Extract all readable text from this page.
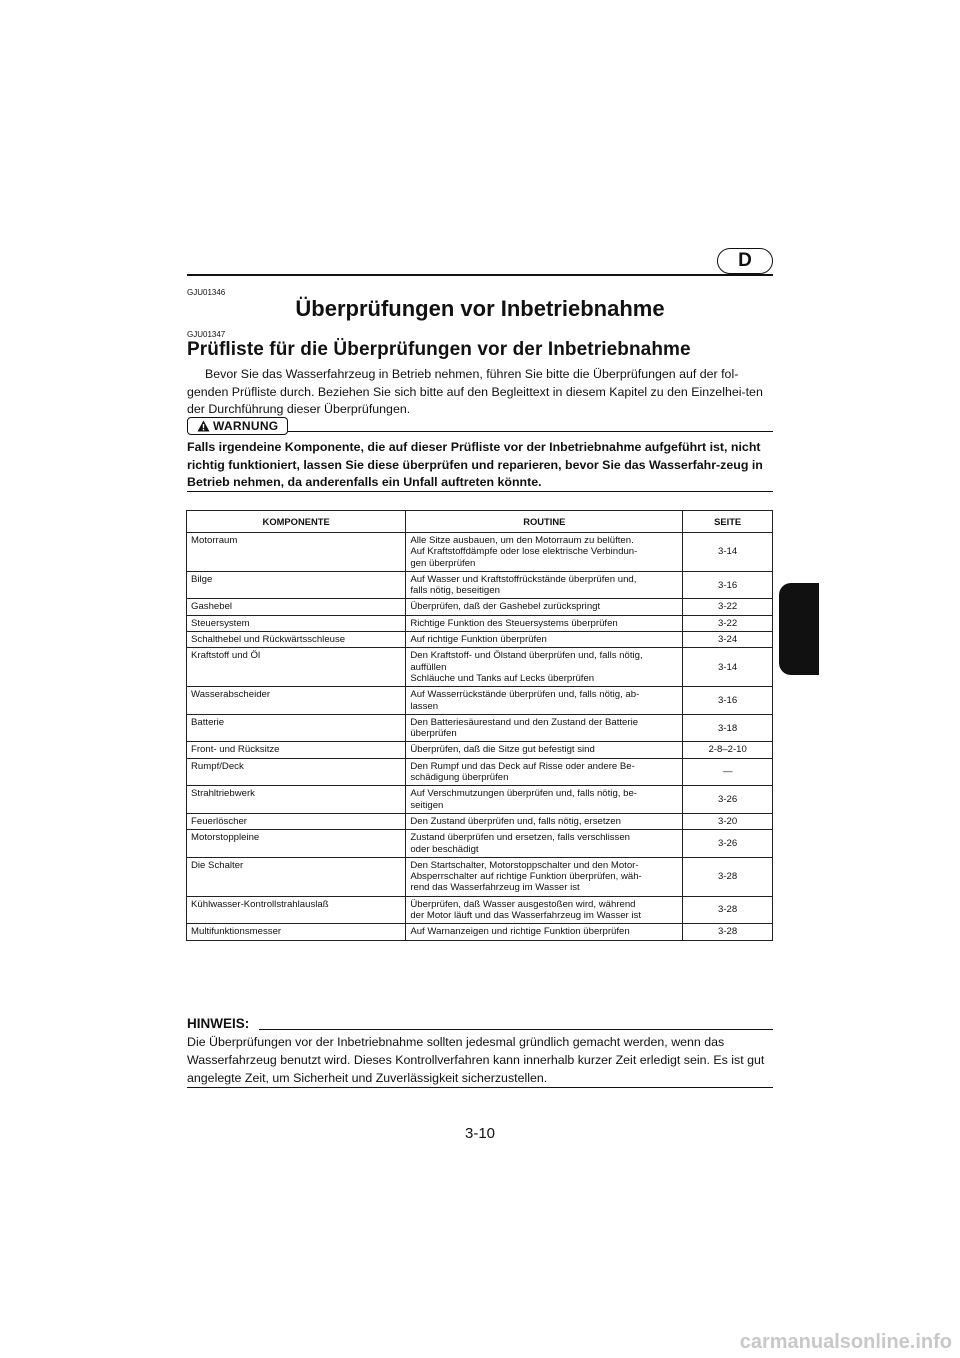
D
GJU01346
Überprüfungen vor Inbetriebnahme
GJU01347
Prüfliste für die Überprüfungen vor der Inbetriebnahme
Bevor Sie das Wasserfahrzeug in Betrieb nehmen, führen Sie bitte die Überprüfungen auf der fol-genden Prüfliste durch. Beziehen Sie sich bitte auf den Begleittext in diesem Kapitel zu den Einzelhei-ten der Durchführung dieser Überprüfungen.
WARNUNG
Falls irgendeine Komponente, die auf dieser Prüfliste vor der Inbetriebnahme aufgeführt ist, nicht richtig funktioniert, lassen Sie diese überprüfen und reparieren, bevor Sie das Wasserfahr-zeug in Betrieb nehmen, da anderenfalls ein Unfall auftreten könnte.
KOMPONENTE	ROUTINE	SEITE
Motorraum	Alle Sitze ausbauen, um den Motorraum zu belüften.
Auf Kraftstoffdämpfe oder lose elektrische Verbindun-
gen überprüfen	3-14
Bilge	Auf Wasser und Kraftstoffrückstände überprüfen und,
falls nötig, beseitigen	3-16
Gashebel	Überprüfen, daß der Gashebel zurückspringt	3-22
Steuersystem	Richtige Funktion des Steuersystems überprüfen	3-22
Schalthebel und Rückwärtsschleuse	Auf richtige Funktion überprüfen	3-24
Kraftstoff und Öl	Den Kraftstoff- und Ölstand überprüfen und, falls nötig,
auffüllen
Schläuche und Tanks auf Lecks überprüfen	3-14
Wasserabscheider	Auf Wasserrückstände überprüfen und, falls nötig, ab-
lassen	3-16
Batterie	Den Batteriesäurestand und den Zustand der Batterie
überprüfen	3-18
Front- und Rücksitze	Überprüfen, daß die Sitze gut befestigt sind	2-8–2-10
Rumpf/Deck	Den Rumpf und das Deck auf Risse oder andere Be-
schädigung überprüfen	—
Strahltriebwerk	Auf Verschmutzungen überprüfen und, falls nötig, be-
seitigen	3-26
Feuerlöscher	Den Zustand überprüfen und, falls nötig, ersetzen	3-20
Motorstoppleine	Zustand überprüfen und ersetzen, falls verschlissen
oder beschädigt	3-26
Die Schalter	Den Startschalter, Motorstoppschalter und den Motor-
Absperrschalter auf richtige Funktion überprüfen, wäh-
rend das Wasserfahrzeug im Wasser ist	3-28
Kühlwasser-Kontrollstrahlauslaß	Überprüfen, daß Wasser ausgestoßen wird, während
der Motor läuft und das Wasserfahrzeug im Wasser ist	3-28
Multifunktionsmesser	Auf Warnanzeigen und richtige Funktion überprüfen	3-28
HINWEIS:
Die Überprüfungen vor der Inbetriebnahme sollten jedesmal gründlich gemacht werden, wenn das Wasserfahrzeug benutzt wird. Dieses Kontrollverfahren kann innerhalb kurzer Zeit erledigt sein. Es ist gut angelegte Zeit, um Sicherheit und Zuverlässigkeit sicherzustellen.
3-10
carmanualsonline.info
